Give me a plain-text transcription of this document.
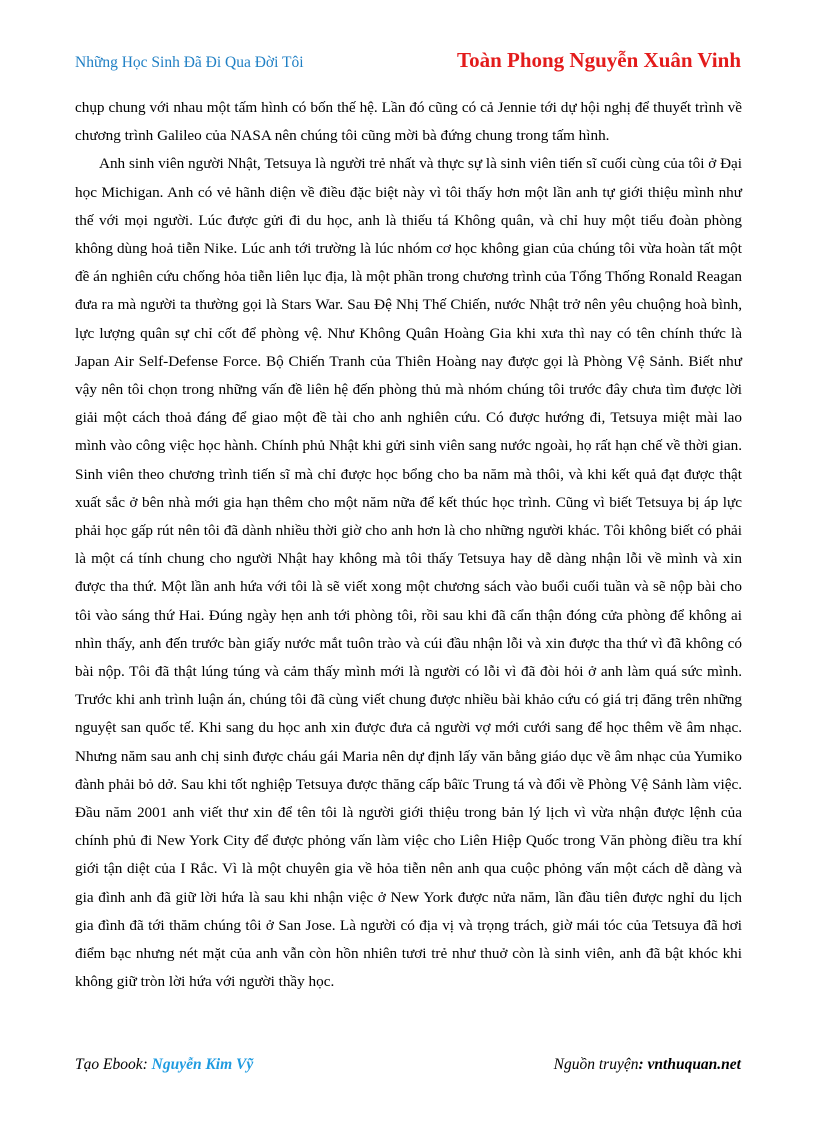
Những Học Sinh Đã Đi Qua Đời Tôi	Toàn Phong Nguyễn Xuân Vinh

chụp chung với nhau một tấm hình có bốn thế hệ. Lần đó cũng có cả Jennie tới dự hội nghị để thuyết trình về chương trình Galileo của NASA nên chúng tôi cũng mời bà đứng chung trong tấm hình.

Anh sinh viên người Nhật, Tetsuya là người trẻ nhất và thực sự là sinh viên tiến sĩ cuối cùng của tôi ở Đại học Michigan. Anh có vẻ hãnh diện về điều đặc biệt này vì tôi thấy hơn một lần anh tự giới thiệu mình như thế với mọi người. Lúc được gửi đi du học, anh là thiếu tá Không quân, và chỉ huy một tiểu đoàn phòng không dùng hoả tiễn Nike. Lúc anh tới trường là lúc nhóm cơ học không gian của chúng tôi vừa hoàn tất một đề án nghiên cứu chống hỏa tiễn liên lục địa, là một phần trong chương trình của Tổng Thống Ronald Reagan đưa ra mà người ta thường gọi là Stars War. Sau Đệ Nhị Thế Chiến, nước Nhật trở nên yêu chuộng hoà bình, lực lượng quân sự chỉ cốt để phòng vệ. Như Không Quân Hoàng Gia khi xưa thì nay có tên chính thức là Japan Air Self-Defense Force. Bộ Chiến Tranh của Thiên Hoàng nay được gọi là Phòng Vệ Sảnh. Biết như vậy nên tôi chọn trong những vấn đề liên hệ đến phòng thủ mà nhóm chúng tôi trước đây chưa tìm được lời giải một cách thoả đáng để giao một đề tài cho anh nghiên cứu. Có được hướng đi, Tetsuya miệt mài lao mình vào công việc học hành. Chính phủ Nhật khi gửi sinh viên sang nước ngoài, họ rất hạn chế về thời gian. Sinh viên theo chương trình tiến sĩ mà chỉ được học bổng cho ba năm mà thôi, và khi kết quả đạt được thật xuất sắc ở bên nhà mới gia hạn thêm cho một năm nữa để kết thúc học trình. Cũng vì biết Tetsuya bị áp lực phải học gấp rút nên tôi đã dành nhiều thời giờ cho anh hơn là cho những người khác. Tôi không biết có phải là một cá tính chung cho người Nhật hay không mà tôi thấy Tetsuya hay dễ dàng nhận lỗi về mình và xin được tha thứ. Một lần anh hứa với tôi là sẽ viết xong một chương sách vào buổi cuối tuần và sẽ nộp bài cho tôi vào sáng thứ Hai. Đúng ngày hẹn anh tới phòng tôi, rồi sau khi đã cẩn thận đóng cửa phòng để không ai nhìn thấy, anh đến trước bàn giấy nước mắt tuôn trào và cúi đầu nhận lỗi và xin được tha thứ vì đã không có bài nộp. Tôi đã thật lúng túng và cảm thấy mình mới là người có lỗi vì đã đòi hỏi ở anh làm quá sức mình. Trước khi anh trình luận án, chúng tôi đã cùng viết chung được nhiều bài khảo cứu có giá trị đăng trên những nguyệt san quốc tế. Khi sang du học anh xin được đưa cả người vợ mới cưới sang để học thêm về âm nhạc. Nhưng năm sau anh chị sinh được cháu gái Maria nên dự định lấy văn bằng giáo dục về âm nhạc của Yumiko đành phải bỏ dở. Sau khi tốt nghiệp Tetsuya được thăng cấp bâïc Trung tá và đổi về Phòng Vệ Sảnh làm việc. Đầu năm 2001 anh viết thư xin để tên tôi là người giới thiệu trong bản lý lịch vì vừa nhận được lệnh của chính phủ đi New York City để được phỏng vấn làm việc cho Liên Hiệp Quốc trong Văn phòng điều tra khí giới tận diệt của I Rắc. Vì là một chuyên gia về hỏa tiễn nên anh qua cuộc phỏng vấn một cách dễ dàng và gia đình anh đã giữ lời hứa là sau khi nhận việc ở New York được nửa năm, lần đầu tiên được nghỉ du lịch gia đình đã tới thăm chúng tôi ở San Jose. Là người có địa vị và trọng trách, giờ mái tóc của Tetsuya đã hơi điểm bạc nhưng nét mặt của anh vẫn còn hồn nhiên tươi trẻ như thuở còn là sinh viên, anh đã bật khóc khi không giữ tròn lời hứa với người thầy học.

Tạo Ebook: Nguyễn Kim Vỹ	Nguồn truyện: vnthuquan.net
